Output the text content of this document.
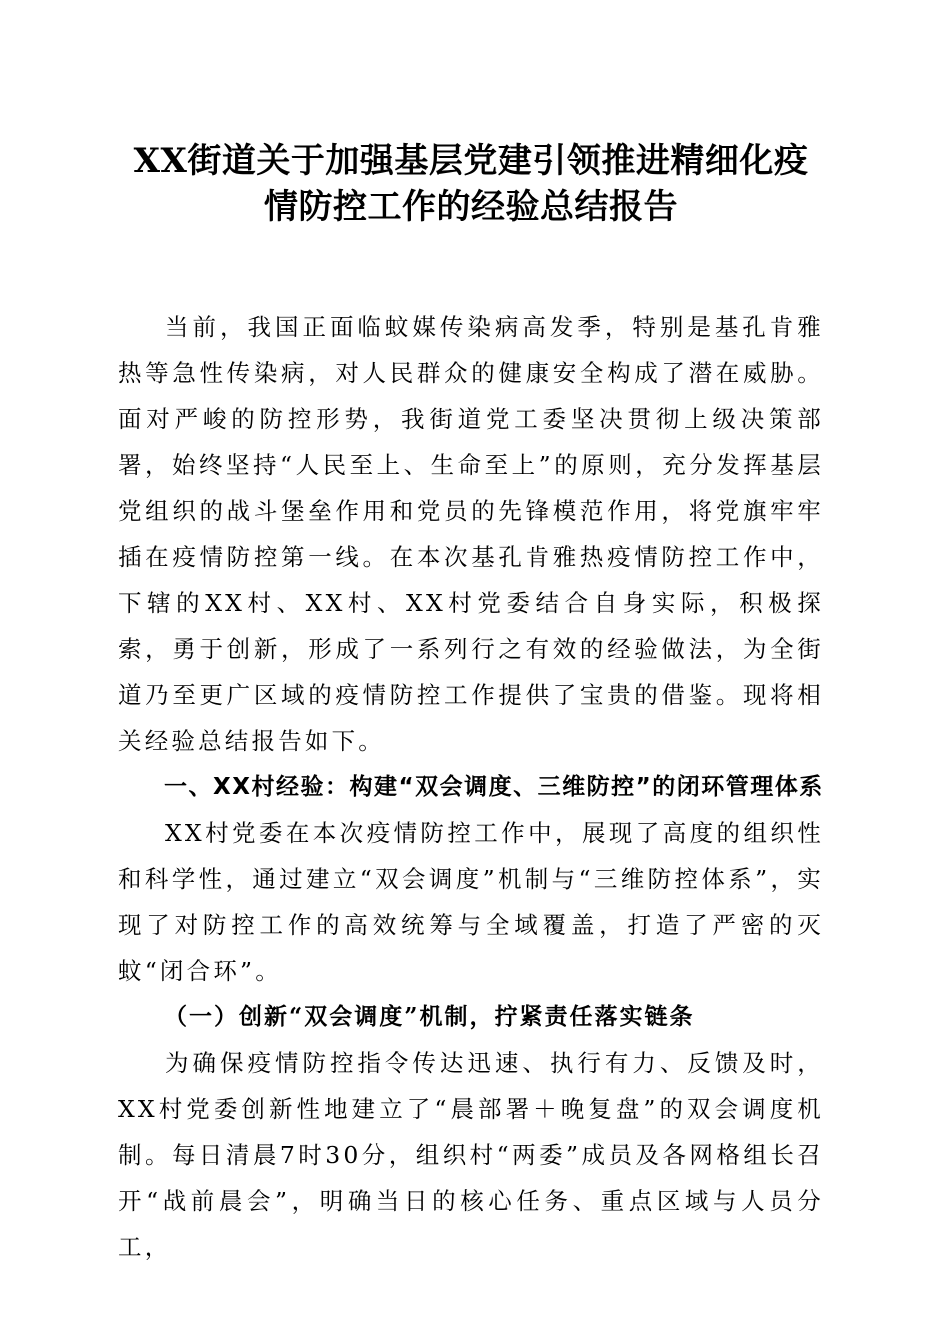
XX街道关于加强基层党建引领推进精细化疫
情防控工作的经验总结报告

当前，我国正面临蚊媒传染病高发季，特别是基孔肯雅热等急性传染病，对人民群众的健康安全构成了潜在威胁。面对严峻的防控形势，我街道党工委坚决贯彻上级决策部署，始终坚持“人民至上、生命至上”的原则，充分发挥基层党组织的战斗堡垒作用和党员的先锋模范作用，将党旗牢牢插在疫情防控第一线。在本次基孔肯雅热疫情防控工作中，下辖的XX村、XX村、XX村党委结合自身实际，积极探索，勇于创新，形成了一系列行之有效的经验做法，为全街道乃至更广区域的疫情防控工作提供了宝贵的借鉴。现将相关经验总结报告如下。

一、XX村经验：构建“双会调度、三维防控”的闭环管理体系

XX村党委在本次疫情防控工作中，展现了高度的组织性和科学性，通过建立“双会调度”机制与“三维防控体系”，实现了对防控工作的高效统筹与全域覆盖，打造了严密的灭蚊“闭合环”。

（一）创新“双会调度”机制，拧紧责任落实链条

为确保疫情防控指令传达迅速、执行有力、反馈及时，XX村党委创新性地建立了“晨部署＋晚复盘”的双会调度机制。每日清晨7时30分，组织村“两委”成员及各网格组长召开“战前晨会”，明确当日的核心任务、重点区域与人员分工，
